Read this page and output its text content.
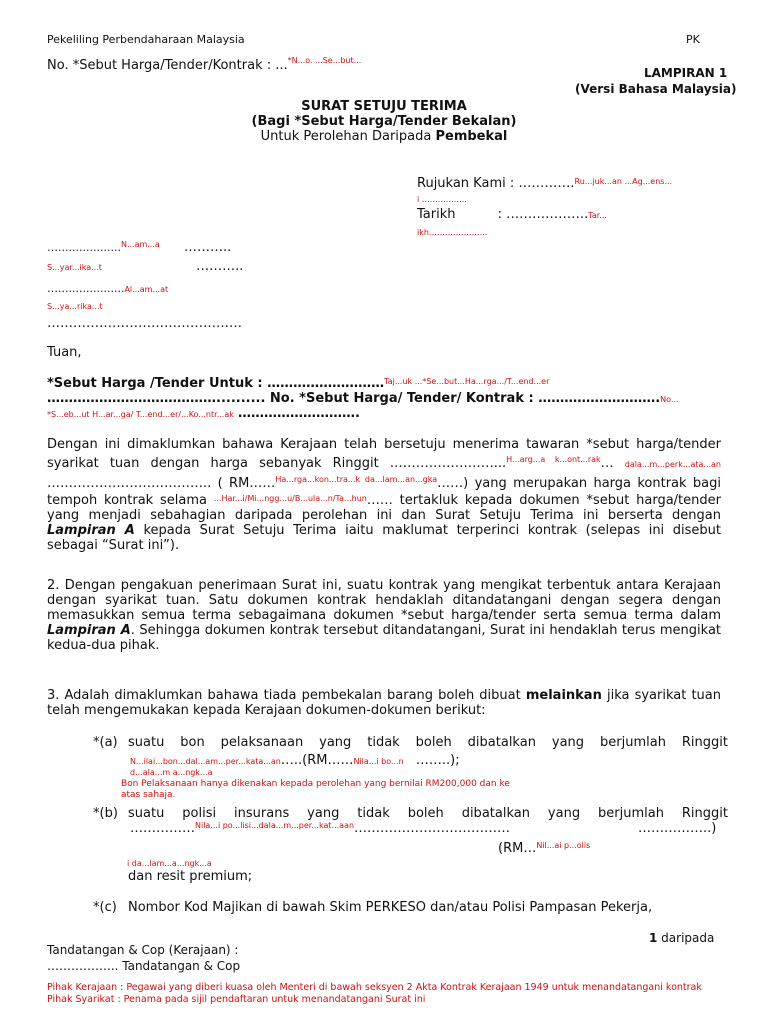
Pekeliling Perbendaharaan Malaysia	PK
No. *Sebut Harga/Tender/Kontrak : ...$^{*N...o. ...Se...but...}$
LAMPIRAN 1
(Versi Bahasa Malaysia)
SURAT SETUJU TERIMA
(Bagi *Sebut Harga/Tender Bekalan)
Untuk Perolehan Daripada Pembekal
Rujukan Kami : ………….$^{Ru...juk...an ...Ag...ens...}$
i ……………..
Tarikh	: ……………….Tar...
ikh………………….
…..................$^{N...am...a}$ ………..
S...yar...ika...t	………..
…...................Al...am...at
S...ya...rika...t
………………………………………
Tuan,
*Sebut Harga /Tender Untuk : ………………………$^{Taj...uk ...*Se...but...Ha...rga.../T...end...er}$
………………………………….......... No. *Sebut Harga/ Tender/ Kontrak : ……………………….No...
*S...eb...ut H...ar...ga/ T...end...er/...Ko...ntr...ak ……………………….
Dengan ini dimaklumkan bahawa Kerajaan telah bersetuju menerima tawaran *sebut harga/tender syarikat tuan dengan harga sebanyak Ringgit ……………………...$^{H...arg...a k...ont...rak}$… dala...m...perk...ata...an ……………………………….. ( RM……$^{Ha...rga...kon...tra...k da...lam...an...gka}$……) yang merupakan harga kontrak bagi tempoh kontrak selama $^{...Har...i/Mi...ngg...u/B...ula...n/Ta...hun}$…… tertakluk kepada dokumen *sebut harga/tender yang menjadi sebahagian daripada perolehan ini dan Surat Setuju Terima ini berserta dengan Lampiran A kepada Surat Setuju Terima iaitu maklumat terperinci kontrak (selepas ini disebut sebagai “Surat ini”).
2. Dengan pengakuan penerimaan Surat ini, suatu kontrak yang mengikat terbentuk antara Kerajaan dengan syarikat tuan. Satu dokumen kontrak hendaklah ditandatangani dengan segera dengan memasukkan semua terma sebagaimana dokumen *sebut harga/tender serta semua terma dalam Lampiran A. Sehingga dokumen kontrak tersebut ditandatangani, Surat ini hendaklah terus mengikat kedua-dua pihak.
3. Adalah dimaklumkan bahawa tiada pembekalan barang boleh dibuat melainkan jika syarikat tuan telah mengemukakan kepada Kerajaan dokumen-dokumen berikut:
*(a) suatu bon pelaksanaan yang tidak boleh dibatalkan yang berjumlah Ringgit
N...ilai...bon...dal...am...per...kata...an…..(RM……Nila...i bo...n ……..);
d...ala...m a...ngk...a
Bon Pelaksanaan hanya dikenakan kepada perolehan yang bernilai RM200,000 dan ke atas sahaja.
*(b) suatu polisi insurans yang tidak boleh dibatalkan yang berjumlah Ringgit
……………$^{Nila...i po...lisi...dala...m...per...kat...aan}$………………………………	……………..)
(RM…$^{Nil...ai p...olis}$
i da...lam...a...ngk...a
dan resit premium;
*(c) Nombor Kod Majikan di bawah Skim PERKESO dan/atau Polisi Pampasan Pekerja,
1 daripada
Tandatangan & Cop (Kerajaan) :
……………... Tandatangan & Cop
Pihak Kerajaan : Pegawai yang diberi kuasa oleh Menteri di bawah seksyen 2 Akta Kontrak Kerajaan 1949 untuk menandatangani kontrak Pihak Syarikat : Penama pada sijil pendaftaran untuk menandatangani Surat ini
